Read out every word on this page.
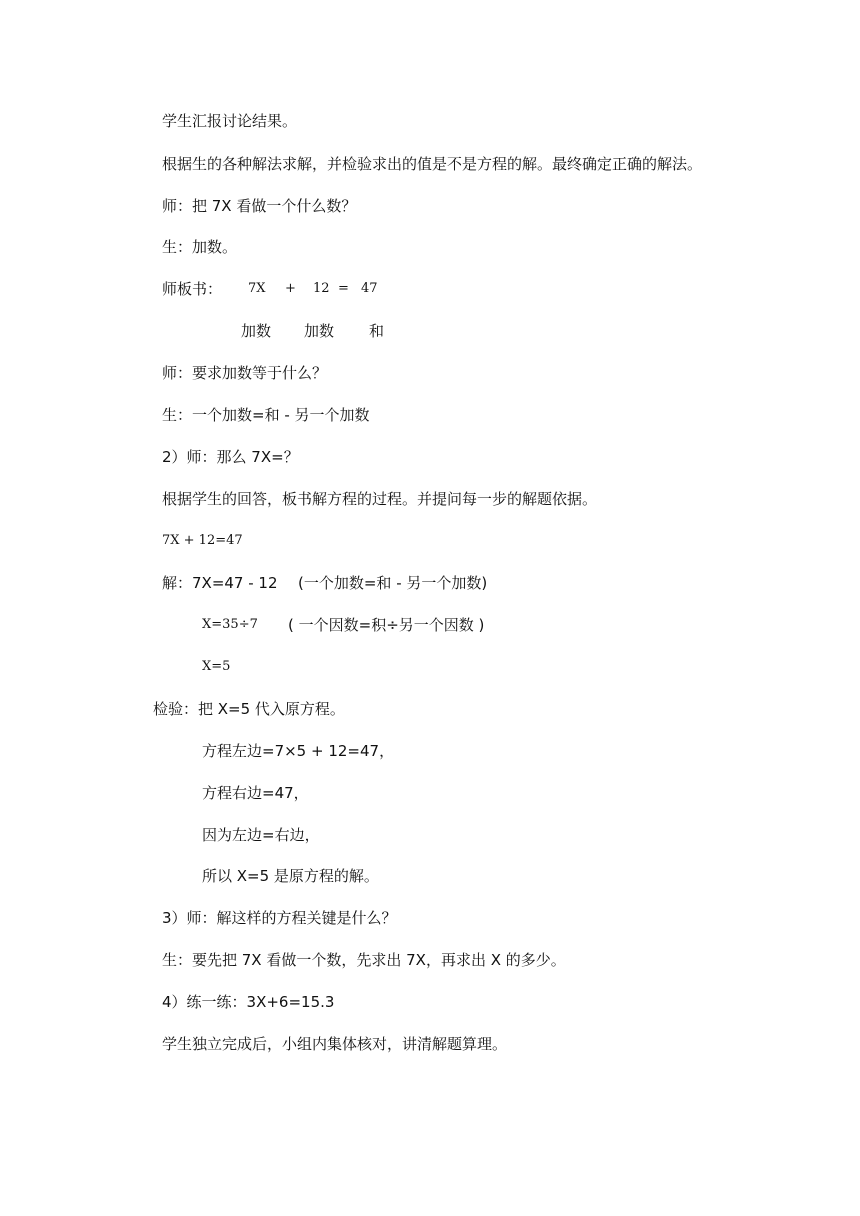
学生汇报讨论结果。
根据生的各种解法求解，并检验求出的值是不是方程的解。最终确定正确的解法。
师：把 7X 看做一个什么数？
生：加数。
师板书： 7X + 12 = 47
加数 加数 和
师：要求加数等于什么？
生：一个加数=和 - 另一个加数
2）师：那么 7X=？
根据学生的回答，板书解方程的过程。并提问每一步的解题依据。
7X + 12=47
解：7X=47 - 12 (一个加数=和 - 另一个加数)
X=35÷7 ( 一个因数=积÷另一个因数 )
X=5
检验：把 X=5 代入原方程。
方程左边=7×5 + 12=47，
方程右边=47，
因为左边=右边，
所以 X=5 是原方程的解。
3）师：解这样的方程关键是什么？
生：要先把 7X 看做一个数，先求出 7X，再求出 X 的多少。
4）练一练：3X+6=15.3
学生独立完成后，小组内集体核对，讲清解题算理。
